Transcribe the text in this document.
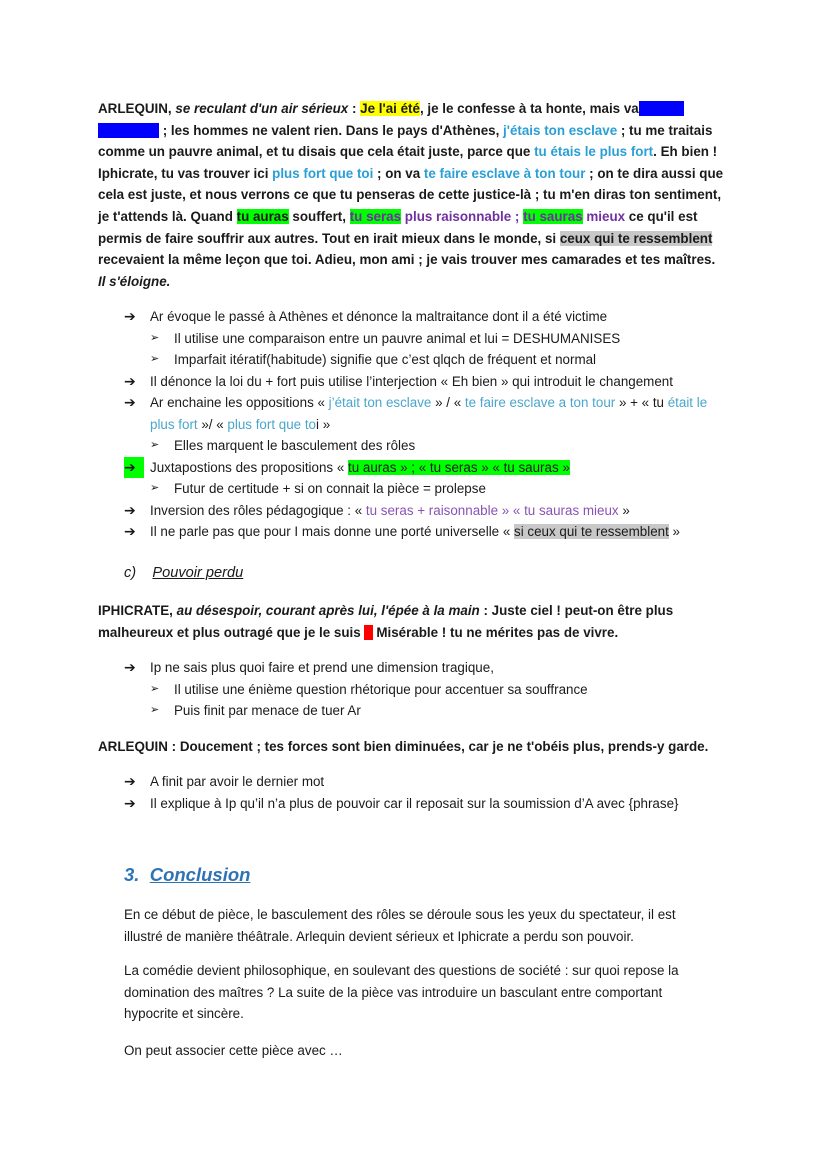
ARLEQUIN, se reculant d'un air sérieux : Je l'ai été, je le confesse à ta honte, mais va je te le pardonne ; les hommes ne valent rien. Dans le pays d'Athènes, j'étais ton esclave ; tu me traitais comme un pauvre animal, et tu disais que cela était juste, parce que tu étais le plus fort. Eh bien ! Iphicrate, tu vas trouver ici plus fort que toi ; on va te faire esclave à ton tour ; on te dira aussi que cela est juste, et nous verrons ce que tu penseras de cette justice-là ; tu m'en diras ton sentiment, je t'attends là. Quand tu auras souffert, tu seras plus raisonnable ; tu sauras mieux ce qu'il est permis de faire souffrir aux autres. Tout en irait mieux dans le monde, si ceux qui te ressemblent recevaient la même leçon que toi. Adieu, mon ami ; je vais trouver mes camarades et tes maîtres.
Il s'éloigne.
➔	Ar évoque le passé à Athènes et dénonce la maltraitance dont il a été victime
➢	Il utilise une comparaison entre un pauvre animal et lui = DESHUMANISES
➢	Imparfait itératif(habitude) signifie que c’est qlqch de fréquent et normal
➔	Il dénonce la loi du + fort puis utilise l’interjection « Eh bien » qui introduit le changement
➔	Ar enchaine les oppositions « j’était ton esclave » / « te faire esclave a ton tour » + « tu était le plus fort »/ « plus fort que toi »
➢	Elles marquent le basculement des rôles
➔	Juxtapostions des propositions « tu auras » ; « tu seras » « tu sauras »
➢	Futur de certitude + si on connait la pièce = prolepse
➔	Inversion des rôles pédagogique : « tu seras + raisonnable » « tu sauras mieux »
➔	Il ne parle pas que pour I mais donne une porté universelle « si ceux qui te ressemblent »
c) Pouvoir perdu
IPHICRATE, au désespoir, courant après lui, l'épée à la main : Juste ciel ! peut-on être plus malheureux et plus outragé que je le suis ? Misérable ! tu ne mérites pas de vivre.
➔	Ip ne sais plus quoi faire et prend une dimension tragique,
➢	Il utilise une énième question rhétorique pour accentuer sa souffrance
➢	Puis finit par menace de tuer Ar
ARLEQUIN : Doucement ; tes forces sont bien diminuées, car je ne t'obéis plus, prends-y garde.
➔	A finit par avoir le dernier mot
➔	Il explique à Ip qu’il n’a plus de pouvoir car il reposait sur la soumission d’A avec {phrase}
3. Conclusion
En ce début de pièce, le basculement des rôles se déroule sous les yeux du spectateur, il est illustré de manière théâtrale. Arlequin devient sérieux et Iphicrate a perdu son pouvoir.
La comédie devient philosophique, en soulevant des questions de société : sur quoi repose la domination des maîtres ? La suite de la pièce vas introduire un basculant entre comportant hypocrite et sincère.
On peut associer cette pièce avec …
